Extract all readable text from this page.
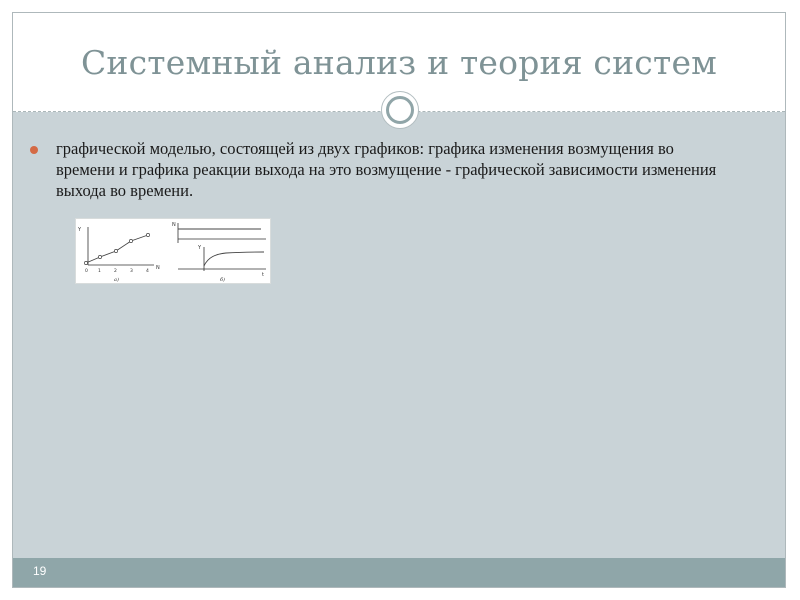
Системный анализ и теория систем
графической моделью, состоящей из двух графиков: графика изменения возмущения во времени и графика реакции выхода на это возмущение - графической зависимости изменения выхода во времени.
Y
N
0 1	2	3	4
а)
N
Y
t
б)
19
